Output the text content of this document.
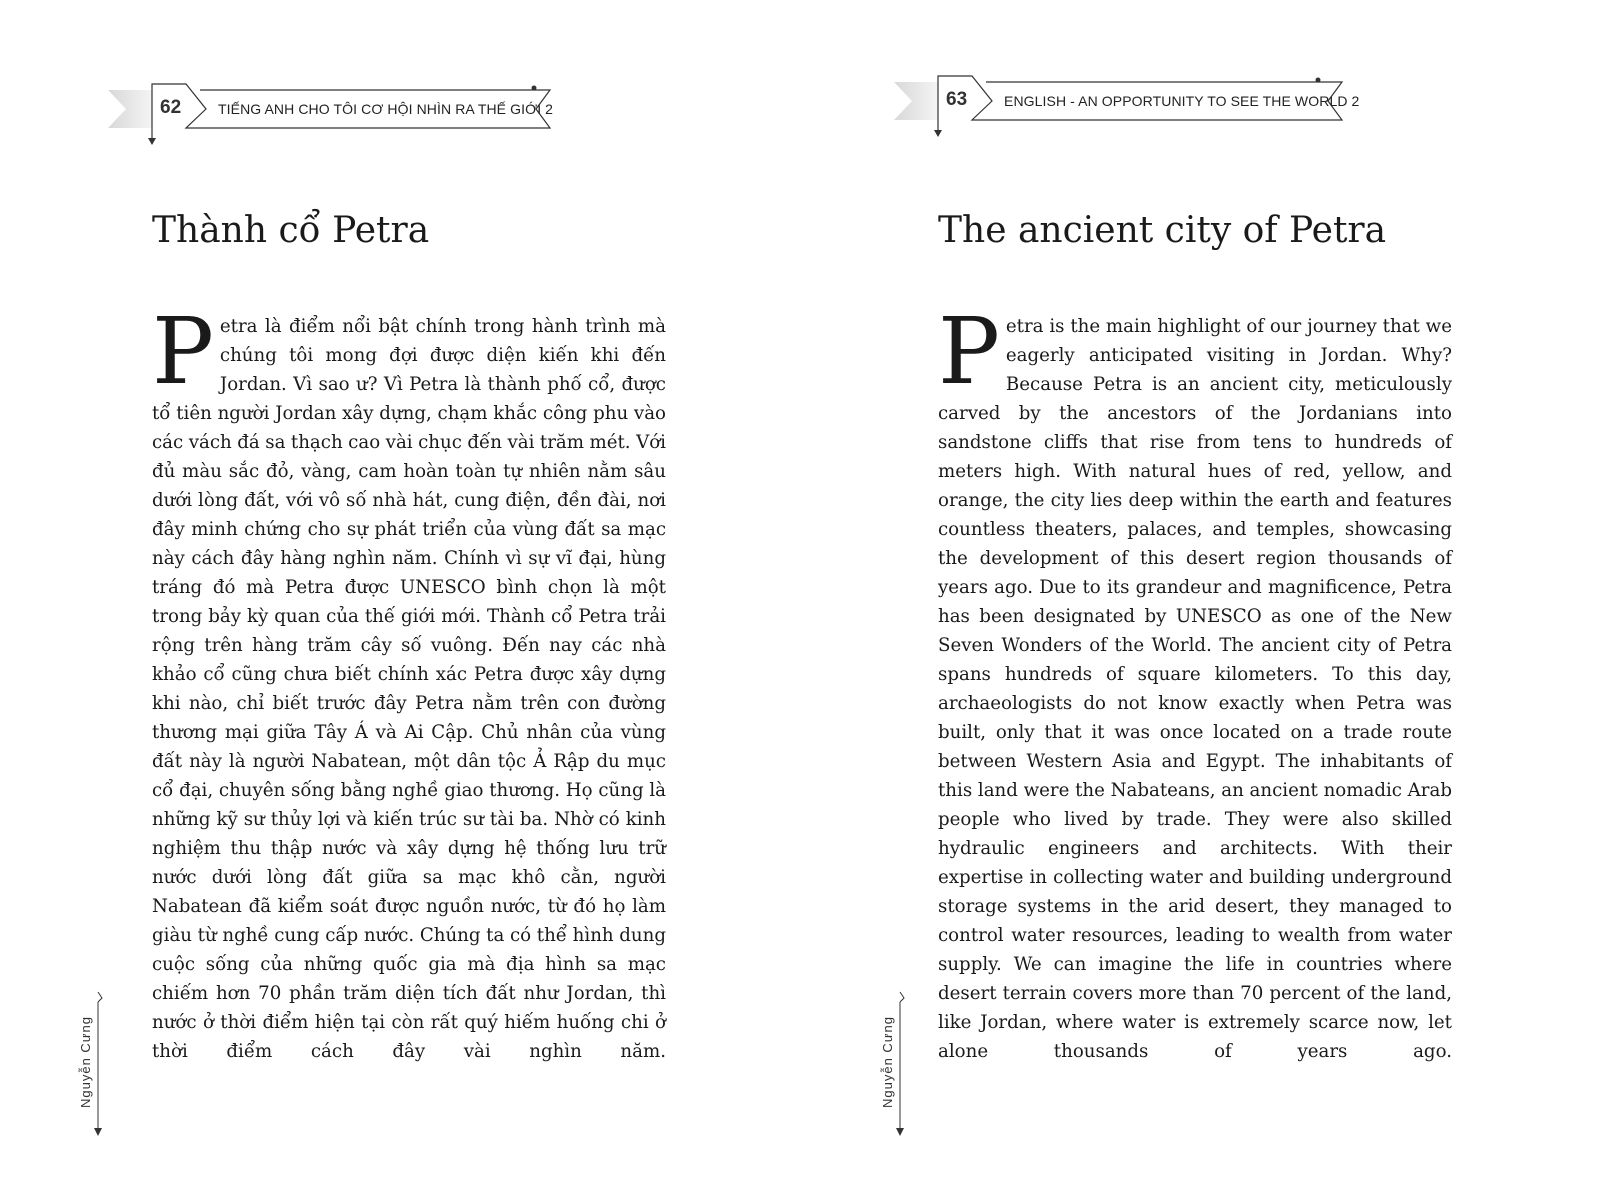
62	TIẾNG ANH CHO TÔI CƠ HỘI NHÌN RA THẾ GIỚI 2
Thành cổ Petra

Petra là điểm nổi bật chính trong hành trình mà chúng tôi mong đợi được diện kiến khi đến Jordan. Vì sao ư? Vì Petra là thành phố cổ, được tổ tiên người Jordan xây dựng, chạm khắc công phu vào các vách đá sa thạch cao vài chục đến vài trăm mét. Với đủ màu sắc đỏ, vàng, cam hoàn toàn tự nhiên nằm sâu dưới lòng đất, với vô số nhà hát, cung điện, đền đài, nơi đây minh chứng cho sự phát triển của vùng đất sa mạc này cách đây hàng nghìn năm. Chính vì sự vĩ đại, hùng tráng đó mà Petra được UNESCO bình chọn là một trong bảy kỳ quan của thế giới mới. Thành cổ Petra trải rộng trên hàng trăm cây số vuông. Đến nay các nhà khảo cổ cũng chưa biết chính xác Petra được xây dựng khi nào, chỉ biết trước đây Petra nằm trên con đường thương mại giữa Tây Á và Ai Cập. Chủ nhân của vùng đất này là người Nabatean, một dân tộc Ả Rập du mục cổ đại, chuyên sống bằng nghề giao thương. Họ cũng là những kỹ sư thủy lợi và kiến trúc sư tài ba. Nhờ có kinh nghiệm thu thập nước và xây dựng hệ thống lưu trữ nước dưới lòng đất giữa sa mạc khô cằn, người Nabatean đã kiểm soát được nguồn nước, từ đó họ làm giàu từ nghề cung cấp nước. Chúng ta có thể hình dung cuộc sống của những quốc gia mà địa hình sa mạc chiếm hơn 70 phần trăm diện tích đất như Jordan, thì nước ở thời điểm hiện tại còn rất quý hiếm huống chi ở thời điểm cách đây vài nghìn năm.

Nguyễn Cưng
63	ENGLISH - AN OPPORTUNITY TO SEE THE WORLD 2
The ancient city of Petra

Petra is the main highlight of our journey that we eagerly anticipated visiting in Jordan. Why? Because Petra is an ancient city, meticulously carved by the ancestors of the Jordanians into sandstone cliffs that rise from tens to hundreds of meters high. With natural hues of red, yellow, and orange, the city lies deep within the earth and features countless theaters, palaces, and temples, showcasing the development of this desert region thousands of years ago. Due to its grandeur and magnificence, Petra has been designated by UNESCO as one of the New Seven Wonders of the World. The ancient city of Petra spans hundreds of square kilometers. To this day, archaeologists do not know exactly when Petra was built, only that it was once located on a trade route between Western Asia and Egypt. The inhabitants of this land were the Nabateans, an ancient nomadic Arab people who lived by trade. They were also skilled hydraulic engineers and architects. With their expertise in collecting water and building underground storage systems in the arid desert, they managed to control water resources, leading to wealth from water supply. We can imagine the life in countries where desert terrain covers more than 70 percent of the land, like Jordan, where water is extremely scarce now, let alone thousands of years ago.

Nguyễn Cưng
